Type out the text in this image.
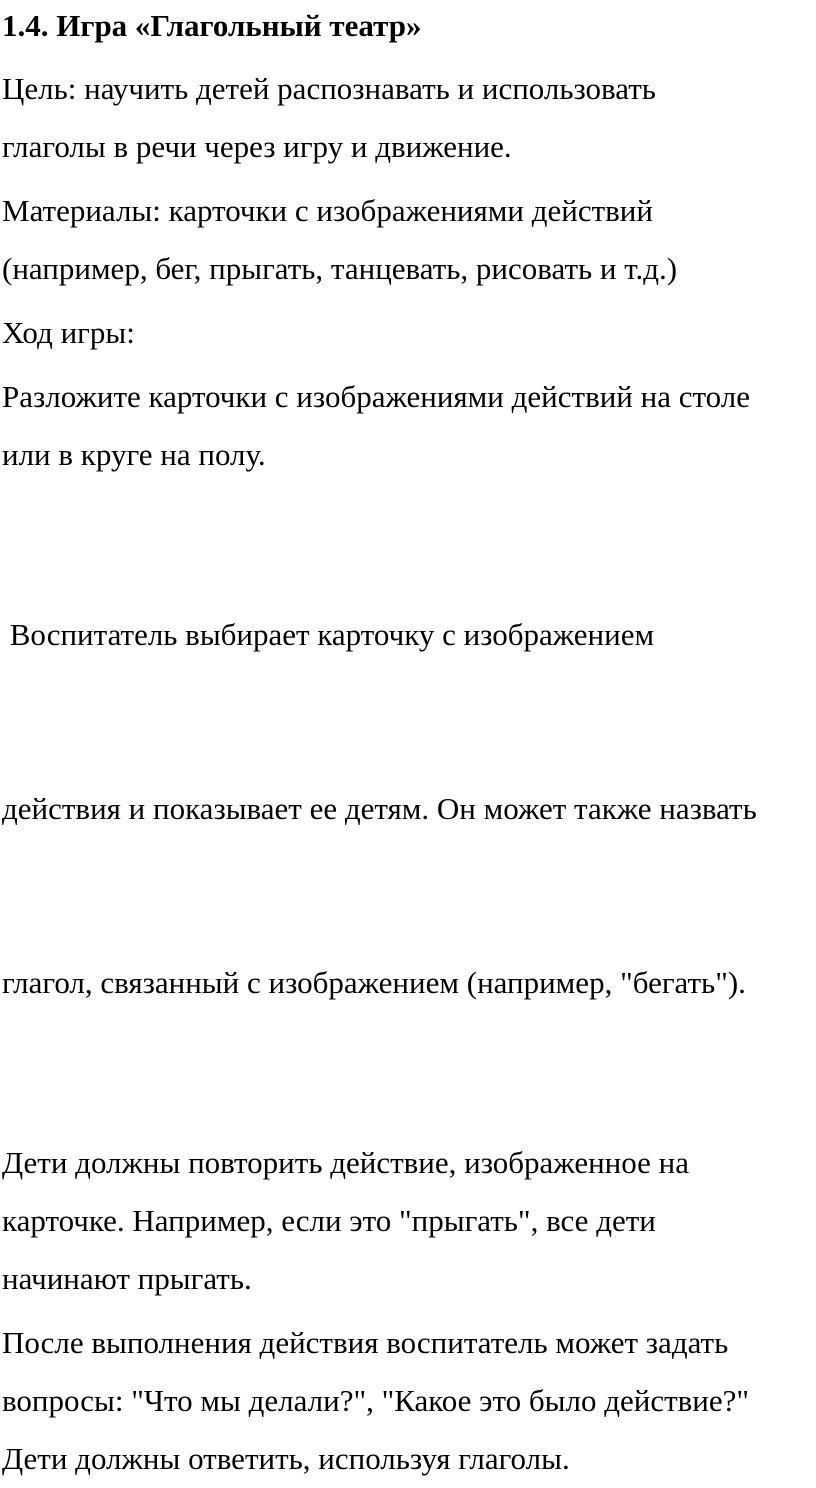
1.4. Игра «Глагольный театр»
Цель: научить детей распознавать и использовать
глаголы в речи через игру и движение.
Материалы: карточки с изображениями действий
(например, бег, прыгать, танцевать, рисовать и т.д.)
Ход игры:
Разложите карточки с изображениями действий на столе
или в круге на полу.

Воспитатель выбирает карточку с изображением

действия и показывает ее детям. Он может также назвать

глагол, связанный с изображением (например, "бегать").

Дети должны повторить действие, изображенное на
карточке. Например, если это "прыгать", все дети
начинают прыгать.
После выполнения действия воспитатель может задать
вопросы: "Что мы делали?", "Какое это было действие?"
Дети должны ответить, используя глаголы.
